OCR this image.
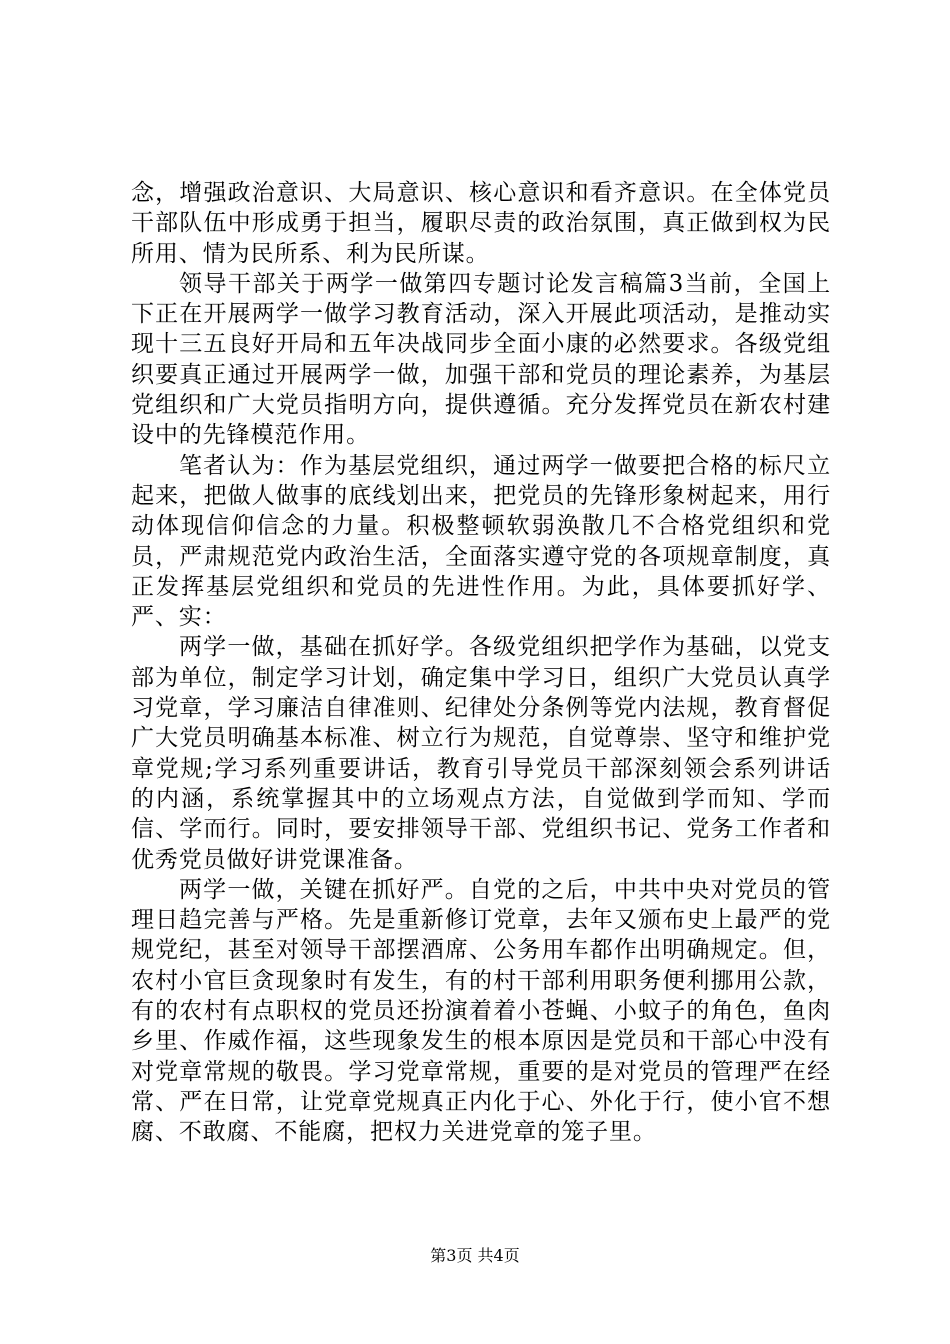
念，增强政治意识、大局意识、核心意识和看齐意识。在全体党员干部队伍中形成勇于担当，履职尽责的政治氛围，真正做到权为民所用、情为民所系、利为民所谋。

领导干部关于两学一做第四专题讨论发言稿篇3当前，全国上下正在开展两学一做学习教育活动，深入开展此项活动，是推动实现十三五良好开局和五年决战同步全面小康的必然要求。各级党组织要真正通过开展两学一做，加强干部和党员的理论素养，为基层党组织和广大党员指明方向，提供遵循。充分发挥党员在新农村建设中的先锋模范作用。

笔者认为：作为基层党组织，通过两学一做要把合格的标尺立起来，把做人做事的底线划出来，把党员的先锋形象树起来，用行动体现信仰信念的力量。积极整顿软弱涣散几不合格党组织和党员，严肃规范党内政治生活，全面落实遵守党的各项规章制度，真正发挥基层党组织和党员的先进性作用。为此，具体要抓好学、严、实：

两学一做，基础在抓好学。各级党组织把学作为基础，以党支部为单位，制定学习计划，确定集中学习日，组织广大党员认真学习党章，学习廉洁自律准则、纪律处分条例等党内法规，教育督促广大党员明确基本标准、树立行为规范，自觉尊崇、坚守和维护党章党规;学习系列重要讲话，教育引导党员干部深刻领会系列讲话的内涵，系统掌握其中的立场观点方法，自觉做到学而知、学而信、学而行。同时，要安排领导干部、党组织书记、党务工作者和优秀党员做好讲党课准备。

两学一做，关键在抓好严。自党的之后，中共中央对党员的管理日趋完善与严格。先是重新修订党章，去年又颁布史上最严的党规党纪，甚至对领导干部摆酒席、公务用车都作出明确规定。但，农村小官巨贪现象时有发生，有的村干部利用职务便利挪用公款，有的农村有点职权的党员还扮演着着小苍蝇、小蚊子的角色，鱼肉乡里、作威作福，这些现象发生的根本原因是党员和干部心中没有对党章常规的敬畏。学习党章常规，重要的是对党员的管理严在经常、严在日常，让党章党规真正内化于心、外化于行，使小官不想腐、不敢腐、不能腐，把权力关进党章的笼子里。

第3页 共4页
